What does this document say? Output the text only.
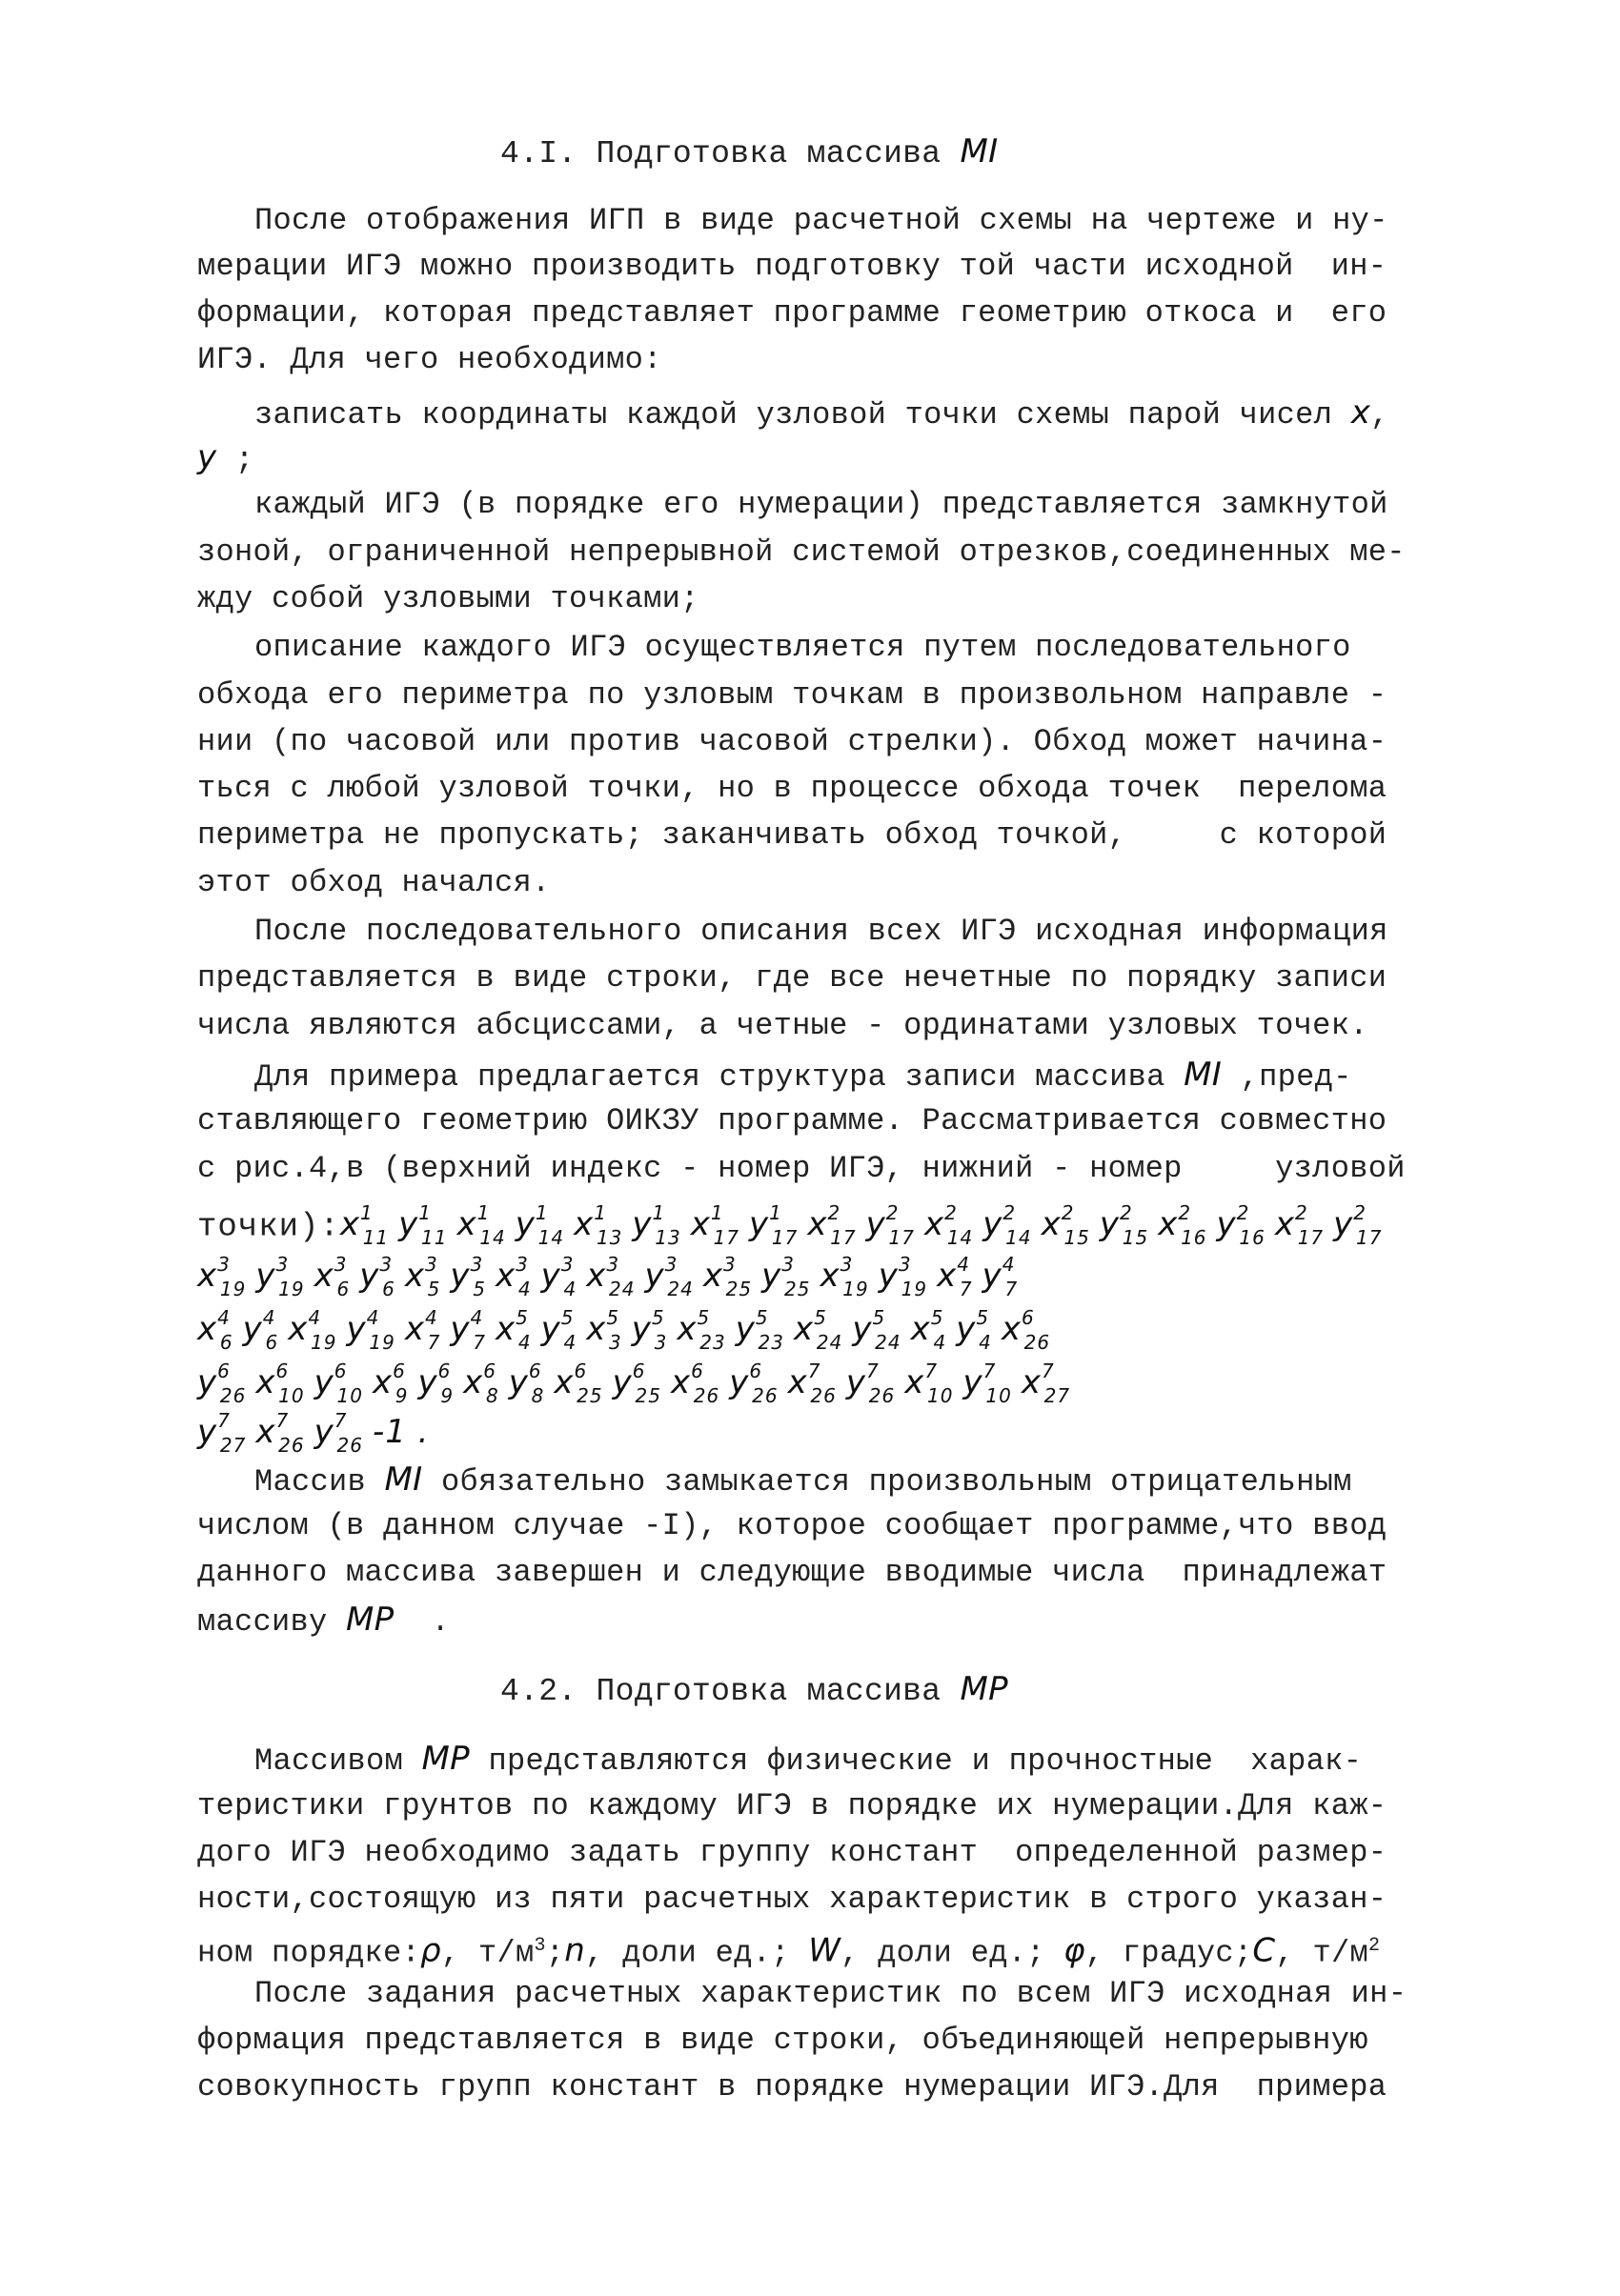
4.I. Подготовка массива MI
После отображения ИГП в виде расчетной схемы на чертеже и ну-
мерации ИГЭ можно производить подготовку той части исходной  ин-
формации, которая представляет программе геометрию откоса и  его
ИГЭ. Для чего необходимо:
записать координаты каждой узловой точки схемы парой чисел x,
y ;
каждый ИГЭ (в порядке его нумерации) представляется замкнутой
зоной, ограниченной непрерывной системой отрезков,соединенных ме-
жду собой узловыми точками;
описание каждого ИГЭ осуществляется путем последовательного
обхода его периметра по узловым точкам в произвольном направле -
нии (по часовой или против часовой стрелки). Обход может начина-
ться с любой узловой точки, но в процессе обхода точек  перелома
периметра не пропускать; заканчивать обход точкой,     с которой
этот обход начался.
После последовательного описания всех ИГЭ исходная информация
представляется в виде строки, где все нечетные по порядку записи
числа являются абсциссами, а четные - ординатами узловых точек.
Для примера предлагается структура записи массива MI ,пред-
ставляющего геометрию ОИКЗУ программе. Рассматривается совместно
с рис.4,в (верхний индекс - номер ИГЭ, нижний - номер     узловой
$точки):x^1_{11}$ $y^1_{11}$ $x^1_{14}$ $y^1_{14}$ $x^1_{13}$ $y^1_{13}$ $x^1_{17}$ $y^1_{17}$ $x^2_{17}$ $y^2_{17}$ $x^2_{14}$ $y^2_{14}$ $x^2_{15}$ $y^2_{15}$ $x^2_{16}$ $y^2_{16}$ $x^2_{17}$ $y^2_{17}$
$x^3_{19}$ $y^3_{19}$ $x^3_6$ $y^3_6$ $x^3_5$ $y^3_5$ $x^3_4$ $y^3_4$ $x^3_{24}$ $y^3_{24}$ $x^3_{25}$ $y^3_{25}$ $x^3_{19}$ $y^3_{19}$ $x^4_7$ $y^4_7$
$x^4_6$ $y^4_6$ $x^4_{19}$ $y^4_{19}$ $x^4_7$ $y^4_7$ $x^5_4$ $y^5_4$ $x^5_3$ $y^5_3$ $x^5_{23}$ $y^5_{23}$ $x^5_{24}$ $y^5_{24}$ $x^5_4$ $y^5_4$ $x^6_{26}$
$y^6_{26}$ $x^6_{10}$ $y^6_{10}$ $x^6_9$ $y^6_9$ $x^6_8$ $y^6_8$ $x^6_{25}$ $y^6_{25}$ $x^6_{26}$ $y^6_{26}$ $x^7_{26}$ $y^7_{26}$ $x^7_{10}$ $y^7_{10}$ $x^7_{27}$
$y^7_{27}$ $x^7_{26}$ $y^7_{26}$ -1 .
Массив MI обязательно замыкается произвольным отрицательным
числом (в данном случае -I), которое сообщает программе,что ввод
данного массива завершен и следующие вводимые числа  принадлежат
массиву MP  .
4.2. Подготовка массива MP
Массивом MP представляются физические и прочностные  харак-
теристики грунтов по каждому ИГЭ в порядке их нумерации.Для каж-
дого ИГЭ необходимо задать группу констант  определенной размер-
ности,состоящую из пяти расчетных характеристик в строго указан-
ном порядке:ρ, $т/м^3;n$, доли ед.; W, доли ед.; φ, градус;C, $т/м^2$
После задания расчетных характеристик по всем ИГЭ исходная ин-
формация представляется в виде строки, объединяющей непрерывную
совокупность групп констант в порядке нумерации ИГЭ.Для  примера
